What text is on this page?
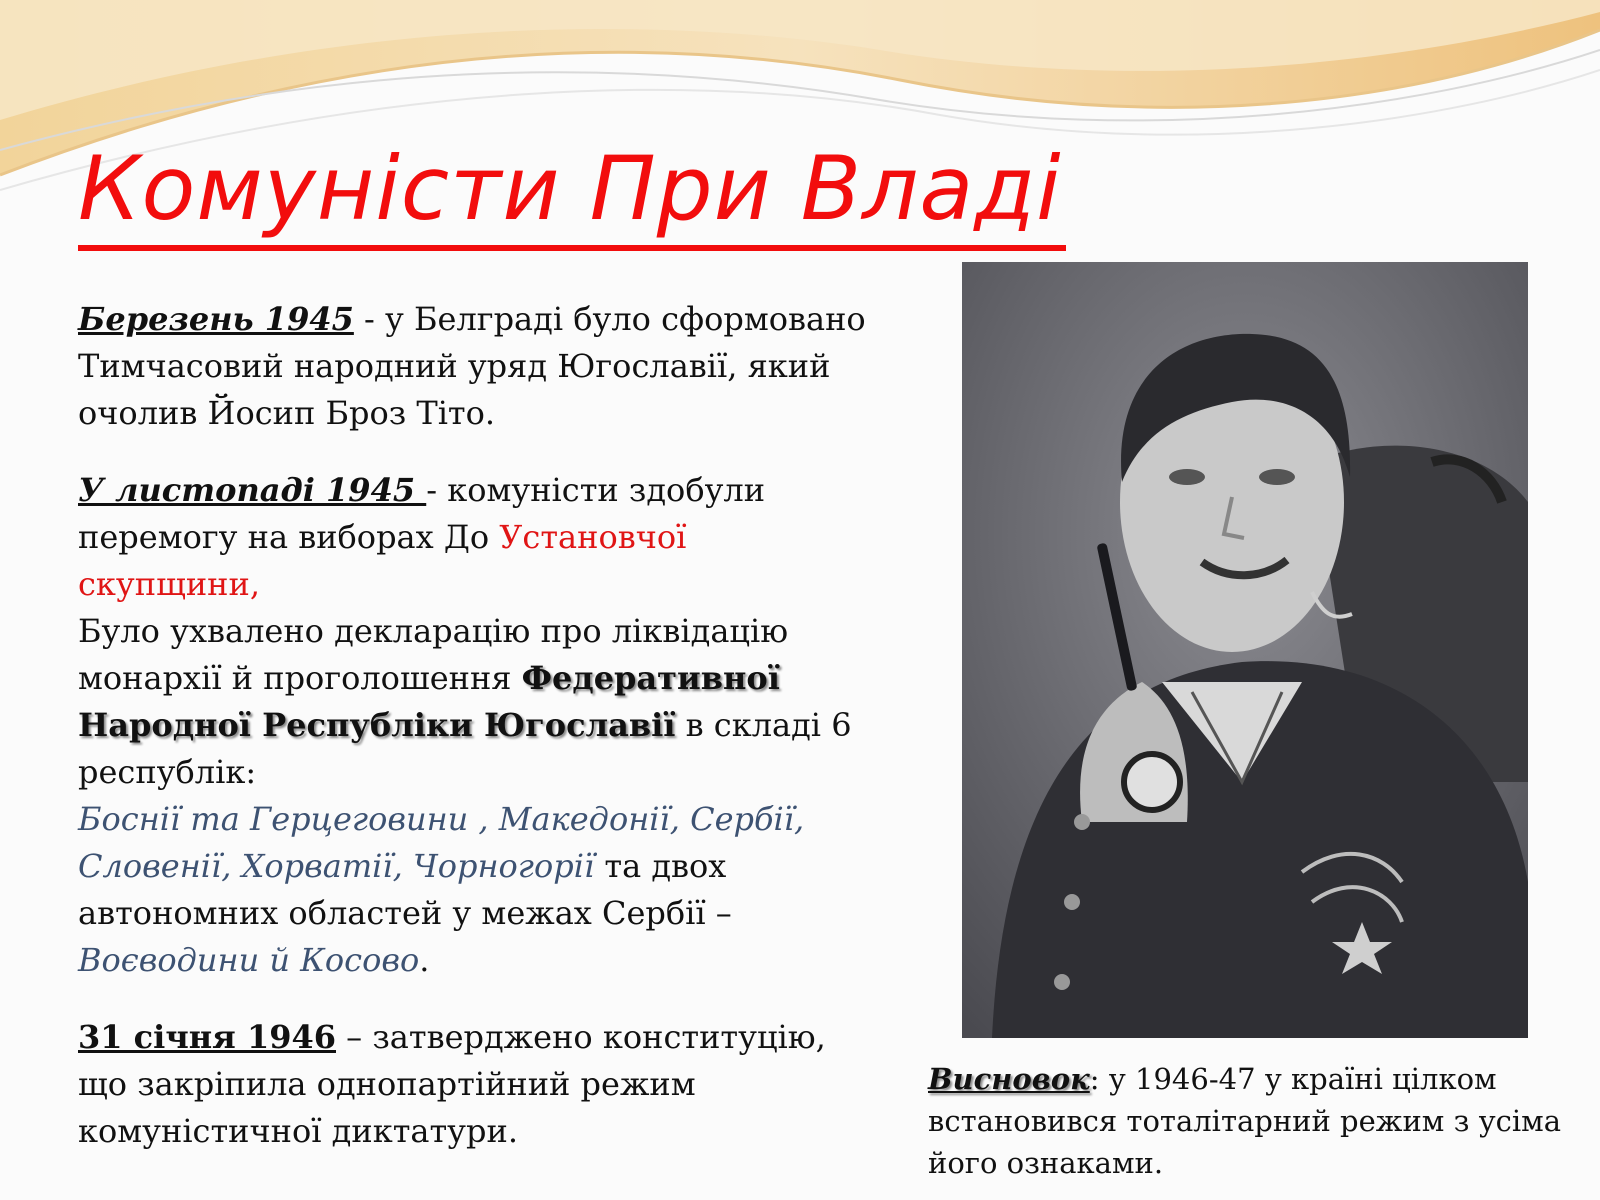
Комуністи При Владі

Березень 1945 - у Белграді було сформовано Тимчасовий народний уряд Югославії, який очолив Йосип Броз Тіто.

У листопаді 1945 - комуністи здобули перемогу на виборах До Установчої скупщини,
Було ухвалено декларацію про ліквідацію монархії й проголошення Федеративної Народної Республіки Югославії в складі 6 республік:
Боснії та Герцеговини , Македонії, Сербії, Словенії, Хорватії, Чорногорії та двох автономних областей у межах Сербії – Воєводини й Косово.

31 січня 1946 – затверджено конституцію, що закріпила однопартійний режим комуністичної диктатури.

Висновок: у 1946-47 у країні цілком встановився тоталітарний режим з усіма його ознаками.
